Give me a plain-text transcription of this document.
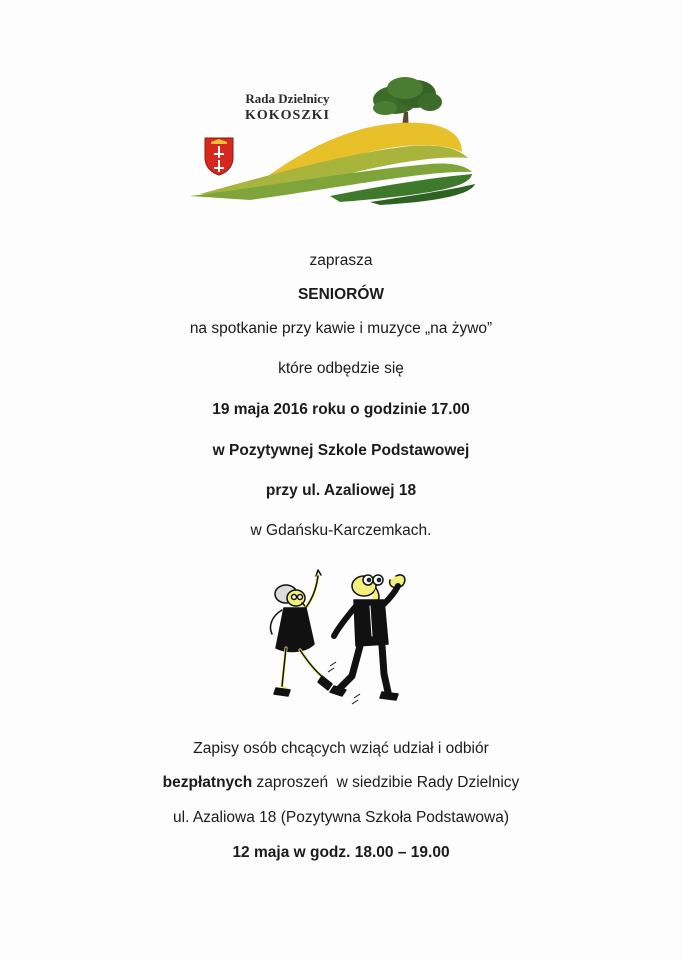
Rada Dzielnicy
KOKOSZKI
zaprasza
SENIORÓW
na spotkanie przy kawie i muzyce „na żywo”
które odbędzie się
19 maja 2016 roku o godzinie 17.00
w Pozytywnej Szkole Podstawowej
przy ul. Azaliowej 18
w Gdańsku-Karczemkach.
Zapisy osób chcących wziąć udział i odbiór
bezpłatnych zaproszeń  w siedzibie Rady Dzielnicy
ul. Azaliowa 18 (Pozytywna Szkoła Podstawowa)
12 maja w godz. 18.00 – 19.00
